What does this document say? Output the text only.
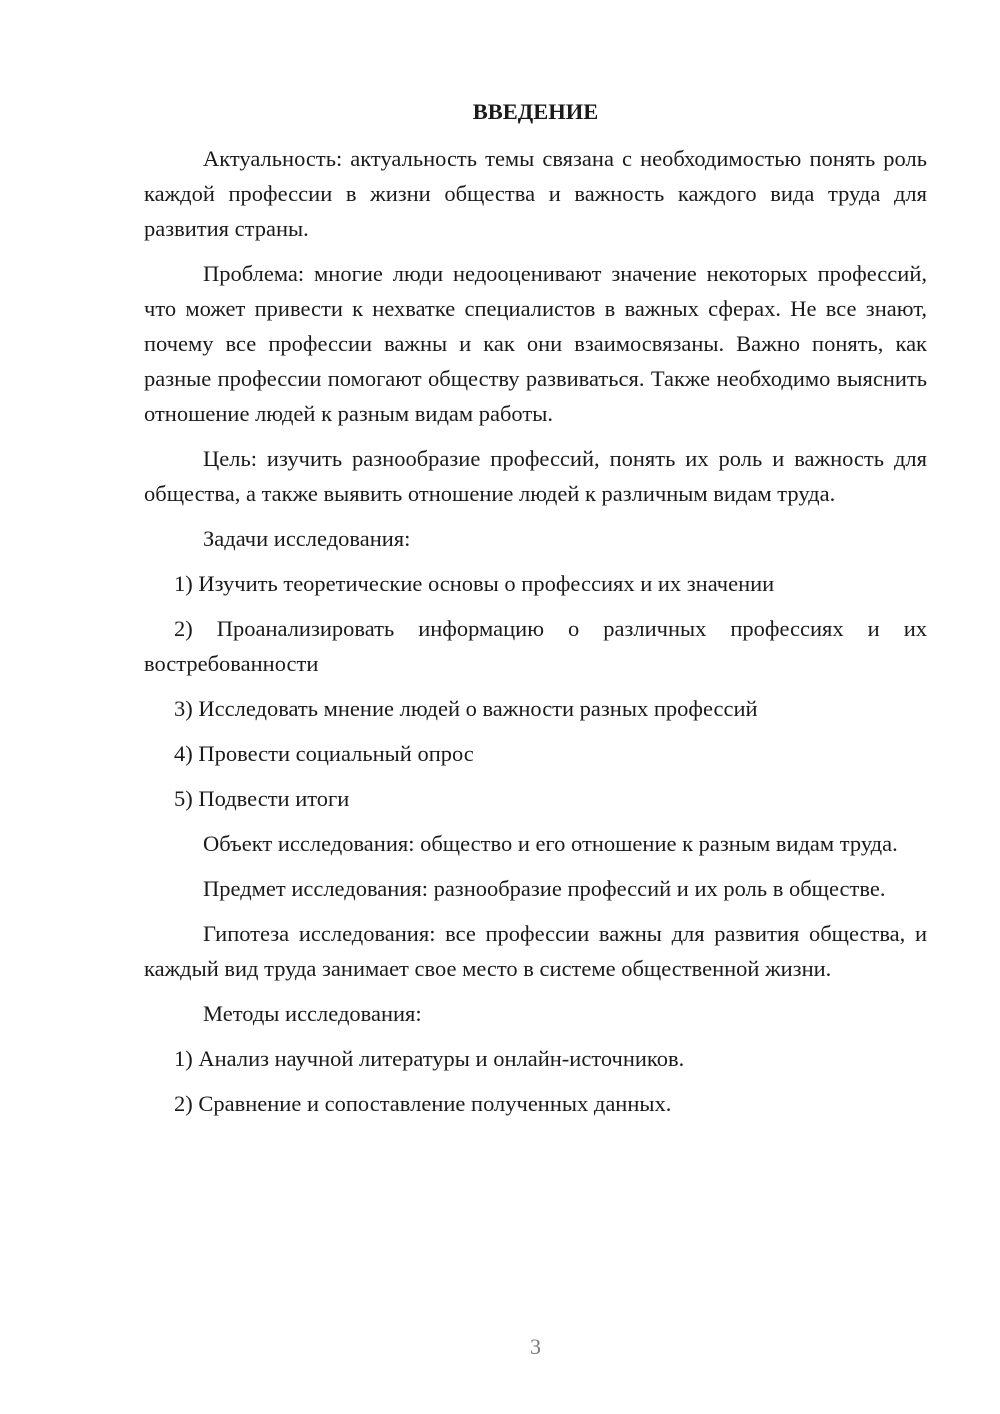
ВВЕДЕНИЕ

Актуальность: актуальность темы связана с необходимостью понять роль каждой профессии в жизни общества и важность каждого вида труда для развития страны.

Проблема: многие люди недооценивают значение некоторых профессий, что может привести к нехватке специалистов в важных сферах. Не все знают, почему все профессии важны и как они взаимосвязаны. Важно понять, как разные профессии помогают обществу развиваться. Также необходимо выяснить отношение людей к разным видам работы.

Цель: изучить разнообразие профессий, понять их роль и важность для общества, а также выявить отношение людей к различным видам труда.

Задачи исследования:

1) Изучить теоретические основы о профессиях и их значении

2) Проанализировать информацию о различных профессиях и их востребованности

3) Исследовать мнение людей о важности разных профессий

4) Провести социальный опрос

5) Подвести итоги

Объект исследования: общество и его отношение к разным видам труда.

Предмет исследования: разнообразие профессий и их роль в обществе.

Гипотеза исследования: все профессии важны для развития общества, и каждый вид труда занимает свое место в системе общественной жизни.

Методы исследования:

1) Анализ научной литературы и онлайн-источников.

2) Сравнение и сопоставление полученных данных.

3
